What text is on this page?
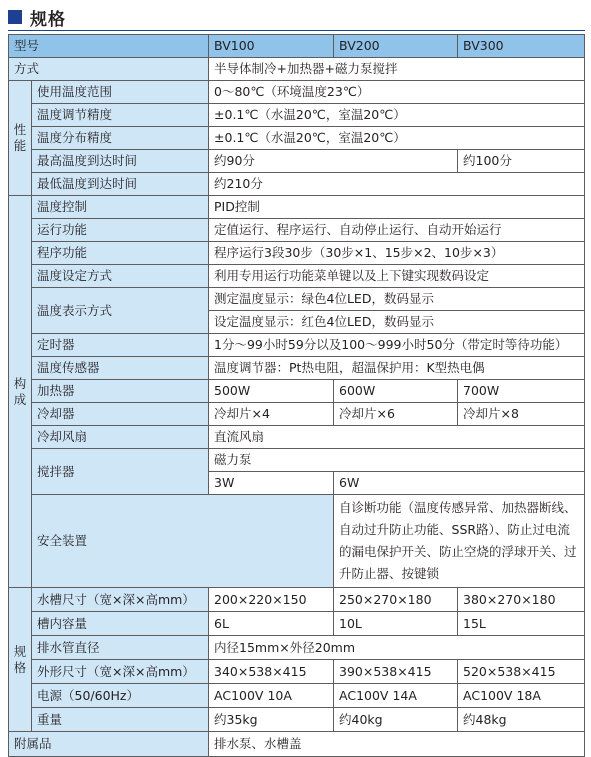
规格
型号		BV100	BV200	BV300
方式		半导体制冷+加热器+磁力泵搅拌		
性能	使用温度范围	0～80℃（环境温度23℃）		
	温度调节精度	±0.1℃（水温20℃，室温20℃）		
	温度分布精度	±0.1℃（水温20℃，室温20℃）		
	最高温度到达时间	约90分		约100分
	最低温度到达时间	约210分		
构成	温度控制	PID控制		
	运行功能	定值运行、程序运行、自动停止运行、自动开始运行		
	程序功能	程序运行3段30步（30步×1、15步×2、10步×3）		
	温度设定方式	利用专用运行功能菜单键以及上下键实现数码设定		
	温度表示方式	测定温度显示：绿色4位LED，数码显示		
		设定温度显示：红色4位LED，数码显示		
	定时器	1分～99小时59分以及100～999小时50分（带定时等待功能）		
	温度传感器	温度调节器：Pt热电阻，超温保护用：K型热电偶		
	加热器	500W	600W	700W
	冷却器	冷却片×4	冷却片×6	冷却片×8
	冷却风扇	直流风扇		
	搅拌器	磁力泵		
		3W	6W	
	安全装置		自诊断功能（温度传感异常、加热器断线、自动过升防止功能、SSR路）、防止过电流的漏电保护开关、防止空烧的浮球开关、过升防止器、按键锁	
规格	水槽尺寸（宽×深×高mm）	200×220×150	250×270×180	380×270×180
	槽内容量	6L	10L	15L
	排水管直径	内径15mm×外径20mm		
	外形尺寸（宽×深×高mm）	340×538×415	390×538×415	520×538×415
	电源（50/60Hz）	AC100V 10A	AC100V 14A	AC100V 18A
	重量	约35kg	约40kg	约48kg
附属品		排水泵、水槽盖		
